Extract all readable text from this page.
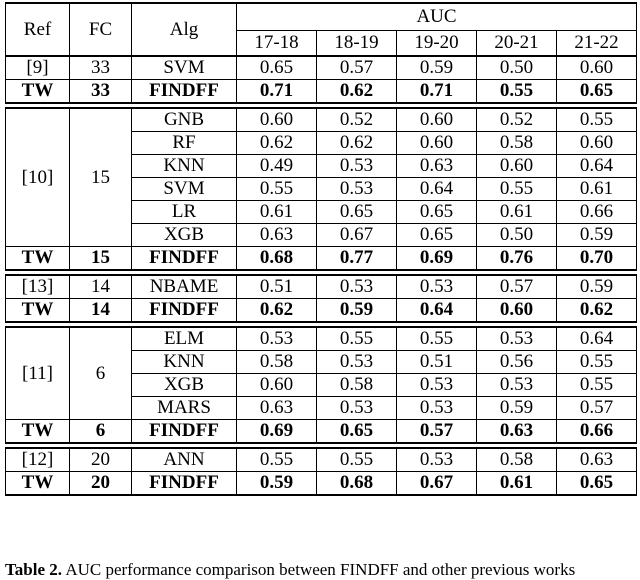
Ref	FC	Alg	AUC				
			17-18	18-19	19-20	20-21	21-22
[9]	33	SVM	0.65	0.57	0.59	0.50	0.60
TW	33	FINDFF	0.71	0.62	0.71	0.55	0.65

[10]	15	GNB	0.60	0.52	0.60	0.52	0.55
		RF	0.62	0.62	0.60	0.58	0.60
		KNN	0.49	0.53	0.63	0.60	0.64
		SVM	0.55	0.53	0.64	0.55	0.61
		LR	0.61	0.65	0.65	0.61	0.66
		XGB	0.63	0.67	0.65	0.50	0.59
TW	15	FINDFF	0.68	0.77	0.69	0.76	0.70

[13]	14	NBAME	0.51	0.53	0.53	0.57	0.59
TW	14	FINDFF	0.62	0.59	0.64	0.60	0.62

[11]	6	ELM	0.53	0.55	0.55	0.53	0.64
		KNN	0.58	0.53	0.51	0.56	0.55
		XGB	0.60	0.58	0.53	0.53	0.55
		MARS	0.63	0.53	0.53	0.59	0.57
TW	6	FINDFF	0.69	0.65	0.57	0.63	0.66

[12]	20	ANN	0.55	0.55	0.53	0.58	0.63
TW	20	FINDFF	0.59	0.68	0.67	0.61	0.65
Table 2. AUC performance comparison between FINDFF and other previous works
